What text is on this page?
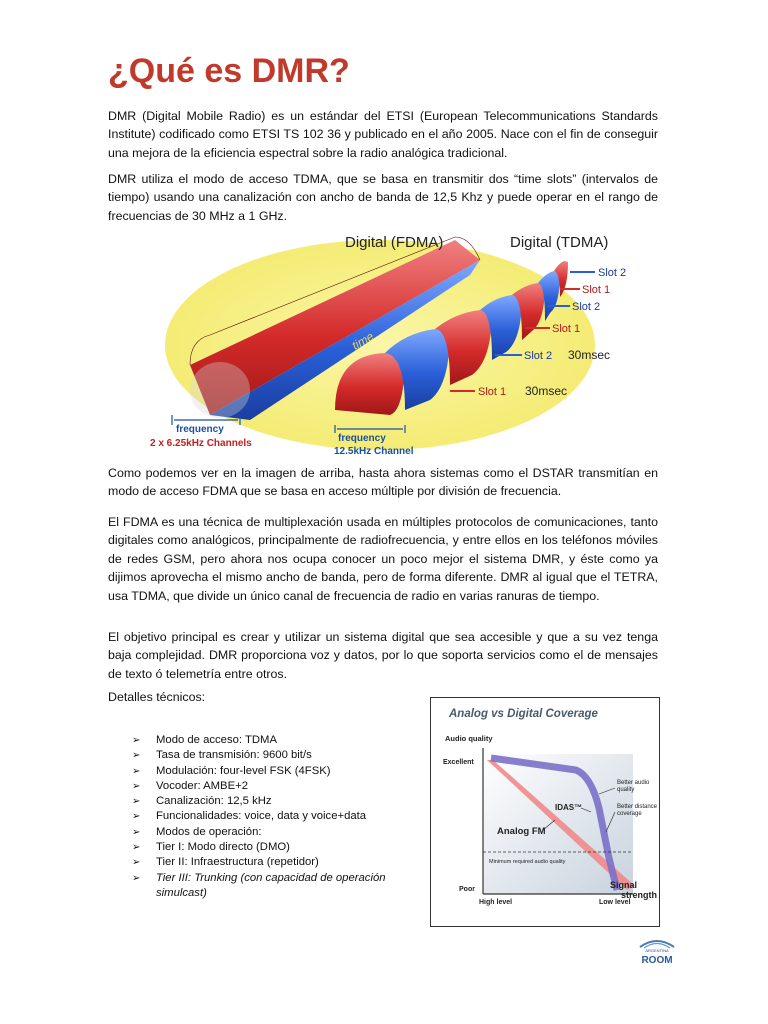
¿Qué es DMR?

DMR (Digital Mobile Radio) es un estándar del ETSI (European Telecommunications Standards Institute) codificado como ETSI TS 102 36 y publicado en el año 2005. Nace con el fin de conseguir una mejora de la eficiencia espectral sobre la radio analógica tradicional.

DMR utiliza el modo de acceso TDMA, que se basa en transmitir dos “time slots” (intervalos de tiempo) usando una canalización con ancho de banda de 12,5 Khz y puede operar en el rango de frecuencias de 30 MHz a 1 GHz.

time
Digital (FDMA)	Digital (TDMA)
Slot 2
Slot 1
Slot 2
Slot 1
Slot 2 30msec
Slot 1 30msec
frequency
2 x 6.25kHz Channels	frequency
12.5kHz Channel

Como podemos ver en la imagen de arriba, hasta ahora sistemas como el DSTAR transmitían en modo de acceso FDMA que se basa en acceso múltiple por división de frecuencia.

El FDMA es una técnica de multiplexación usada en múltiples protocolos de comunicaciones, tanto digitales como analógicos, principalmente de radiofrecuencia, y entre ellos en los teléfonos móviles de redes GSM, pero ahora nos ocupa conocer un poco mejor el sistema DMR, y éste como ya dijimos aprovecha el mismo ancho de banda, pero de forma diferente. DMR al igual que el TETRA, usa TDMA, que divide un único canal de frecuencia de radio en varias ranuras de tiempo.

El objetivo principal es crear y utilizar un sistema digital que sea accesible y que a su vez tenga baja complejidad. DMR proporciona voz y datos, por lo que soporta servicios como el de mensajes de texto ó telemetría entre otros.

Detalles técnicos:

➢ Modo de acceso: TDMA
➢ Tasa de transmisión: 9600 bit/s
➢ Modulación: four-level FSK (4FSK)
➢ Vocoder: AMBE+2
➢ Canalización: 12,5 kHz
➢ Funcionalidades: voice, data y voice+data
➢ Modos de operación:
➢ Tier I: Modo directo (DMO)
➢ Tier II: Infraestructura (repetidor)
➢ Tier III: Trunking (con capacidad de operación simulcast)
Analog vs Digital Coverage
Audio quality
Excellent
Poor
High level	Low level
Signal
strength
IDAS™
Analog FM
Better audio
quality
Better distance
coverage
Minimum required audio quality
ARGENTINA
ROOM
